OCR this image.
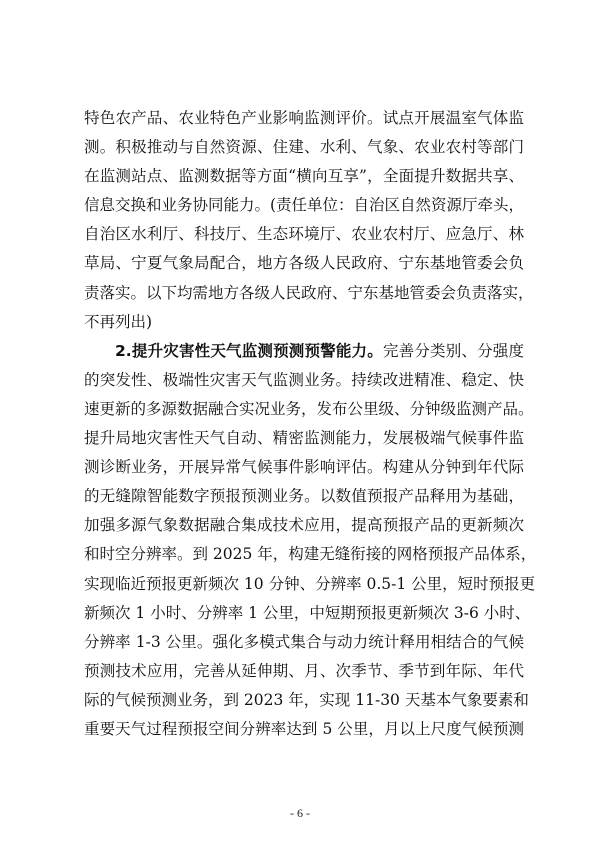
特色农产品、农业特色产业影响监测评价。试点开展温室气体监
测。积极推动与自然资源、住建、水利、气象、农业农村等部门
在监测站点、监测数据等方面“横向互享”，全面提升数据共享、
信息交换和业务协同能力。(责任单位：自治区自然资源厅牵头，
自治区水利厅、科技厅、生态环境厅、农业农村厅、应急厅、林
草局、宁夏气象局配合，地方各级人民政府、宁东基地管委会负
责落实。以下均需地方各级人民政府、宁东基地管委会负责落实，
不再列出)
2.提升灾害性天气监测预测预警能力。完善分类别、分强度
的突发性、极端性灾害天气监测业务。持续改进精准、稳定、快
速更新的多源数据融合实况业务，发布公里级、分钟级监测产品。
提升局地灾害性天气自动、精密监测能力，发展极端气候事件监
测诊断业务，开展异常气候事件影响评估。构建从分钟到年代际
的无缝隙智能数字预报预测业务。以数值预报产品释用为基础，
加强多源气象数据融合集成技术应用，提高预报产品的更新频次
和时空分辨率。到 2025 年，构建无缝衔接的网格预报产品体系，
实现临近预报更新频次 10 分钟、分辨率 0.5-1 公里，短时预报更
新频次 1 小时、分辨率 1 公里，中短期预报更新频次 3-6 小时、
分辨率 1-3 公里。强化多模式集合与动力统计释用相结合的气候
预测技术应用，完善从延伸期、月、次季节、季节到年际、年代
际的气候预测业务，到 2023 年，实现 11-30 天基本气象要素和
重要天气过程预报空间分辨率达到 5 公里，月以上尺度气候预测
- 6 -
